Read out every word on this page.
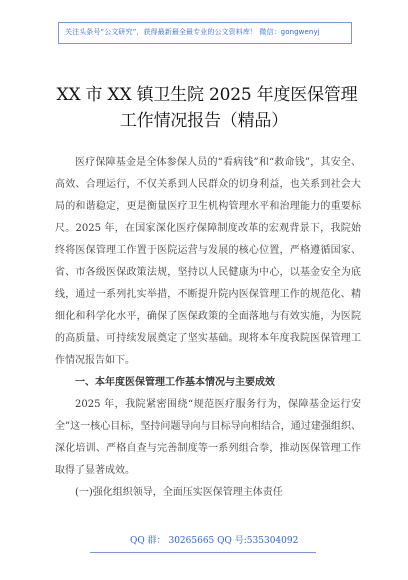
关注头条号“公文研究”，获得最新最全最专业的公文资料库！ 微信：gongwenyj
XX 市 XX 镇卫生院 2025 年度医保管理
工作情况报告（精品）

医疗保障基金是全体参保人员的“看病钱”和“救命钱”，其安全、高效、合理运行，不仅关系到人民群众的切身利益，也关系到社会大局的和谐稳定，更是衡量医疗卫生机构管理水平和治理能力的重要标尺。2025 年，在国家深化医疗保障制度改革的宏观背景下，我院始终将医保管理工作置于医院运营与发展的核心位置，严格遵循国家、省、市各级医保政策法规，坚持以人民健康为中心，以基金安全为底线，通过一系列扎实举措，不断提升院内医保管理工作的规范化、精细化和科学化水平，确保了医保政策的全面落地与有效实施，为医院的高质量、可持续发展奠定了坚实基础。现将本年度我院医保管理工作情况报告如下。

一、本年度医保管理工作基本情况与主要成效

2025 年，我院紧密围绕“规范医疗服务行为，保障基金运行安全”这一核心目标，坚持问题导向与目标导向相结合，通过建强组织、深化培训、严格自查与完善制度等一系列组合拳，推动医保管理工作取得了显著成效。

(一)强化组织领导，全面压实医保管理主体责任

QQ 群： 30265665 QQ 号:535304092
